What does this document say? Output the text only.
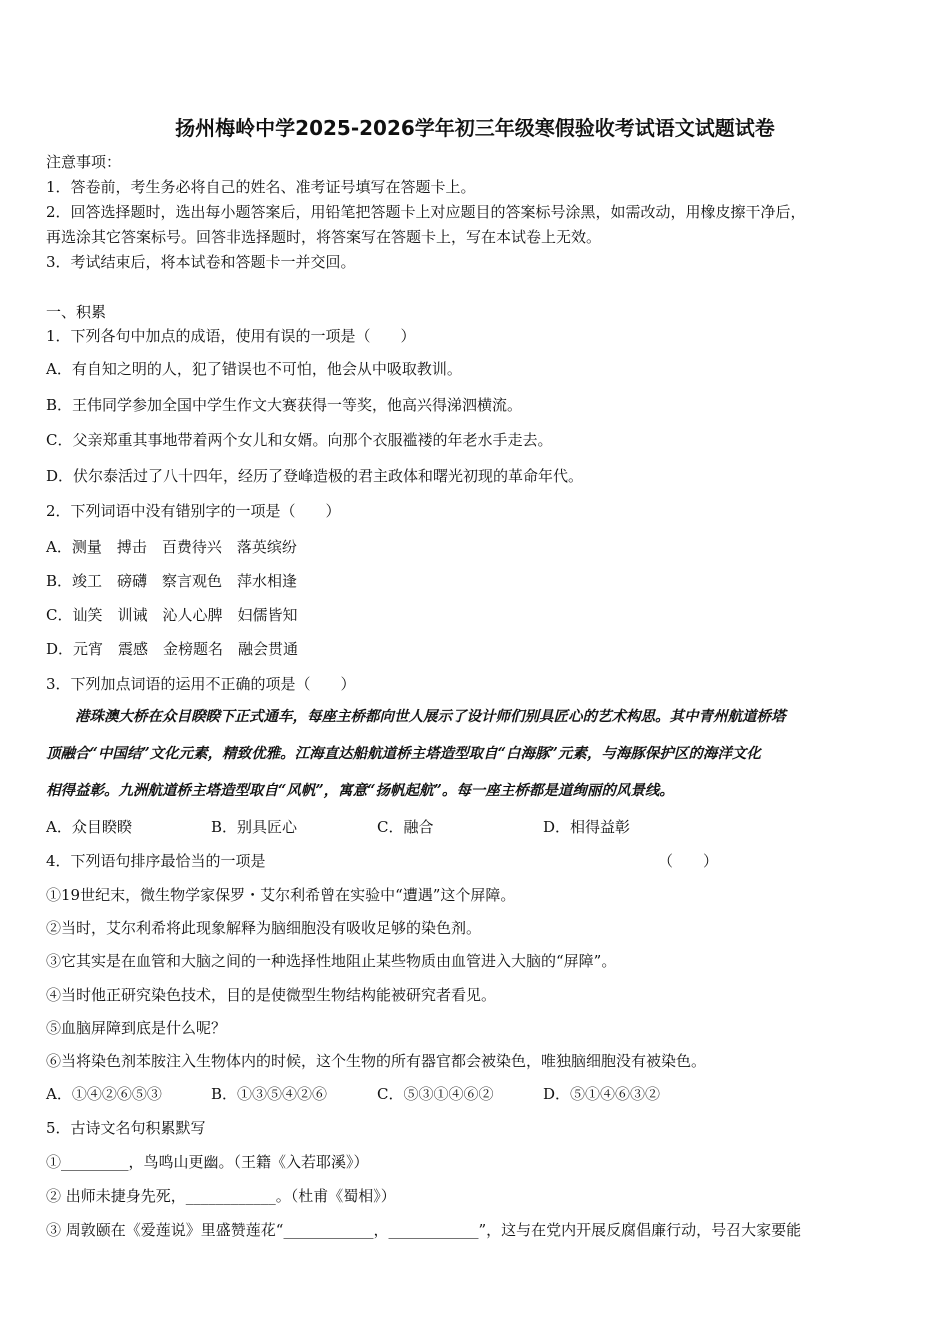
扬州梅岭中学2025-2026学年初三年级寒假验收考试语文试题试卷
注意事项：
1．答卷前，考生务必将自己的姓名、准考证号填写在答题卡上。
2．回答选择题时，选出每小题答案后，用铅笔把答题卡上对应题目的答案标号涂黑，如需改动，用橡皮擦干净后，
再选涂其它答案标号。回答非选择题时，将答案写在答题卡上，写在本试卷上无效。
3．考试结束后，将本试卷和答题卡一并交回。
一、积累
1．下列各句中加点的成语，使用有误的一项是（　　）
A．有自知之明的人，犯了错误也不可怕，他会从中吸取教训。
B．王伟同学参加全国中学生作文大赛获得一等奖，他高兴得涕泗横流。
C．父亲郑重其事地带着两个女儿和女婿。向那个衣服褴褛的年老水手走去。
D．伏尔泰活过了八十四年，经历了登峰造极的君主政体和曙光初现的革命年代。
2．下列词语中没有错别字的一项是（　　）
A．测量　搏击　百费待兴　落英缤纷
B．竣工　磅礴　察言观色　萍水相逢
C．讪笑　训诫　沁人心脾　妇儒皆知
D．元宵　震感　金榜题名　融会贯通
3．下列加点词语的运用不正确的项是（　　）
　　港珠澳大桥在众目睽睽下正式通车，每座主桥都向世人展示了设计师们别具匠心的艺术构思。其中青州航道桥塔
顶融合“中国结”文化元素，精致优雅。江海直达船航道桥主塔造型取自“白海豚”元素，与海豚保护区的海洋文化
相得益彰。九洲航道桥主塔造型取自“风帆”，寓意“扬帆起航”。每一座主桥都是道绚丽的风景线。
A．众目睽睽	B．别具匠心	C．融合	D．相得益彰
4．下列语句排序最恰当的一项是	（　　）
①19世纪末，微生物学家保罗・艾尔利希曾在实验中“遭遇”这个屏障。
②当时，艾尔利希将此现象解释为脑细胞没有吸收足够的染色剂。
③它其实是在血管和大脑之间的一种选择性地阻止某些物质由血管进入大脑的“屏障”。
④当时他正研究染色技术，目的是使微型生物结构能被研究者看见。
⑤血脑屏障到底是什么呢？
⑥当将染色剂苯胺注入生物体内的时候，这个生物的所有器官都会被染色，唯独脑细胞没有被染色。
A．①④②⑥⑤③	B．①③⑤④②⑥	C．⑤③①④⑥②	D．⑤①④⑥③②
5．古诗文名句积累默写
①_________，鸟鸣山更幽。（王籍《入若耶溪》）
② 出师未捷身先死，____________。（杜甫《蜀相》）
③ 周敦颐在《爱莲说》里盛赞莲花“____________，____________”，这与在党内开展反腐倡廉行动，号召大家要能
